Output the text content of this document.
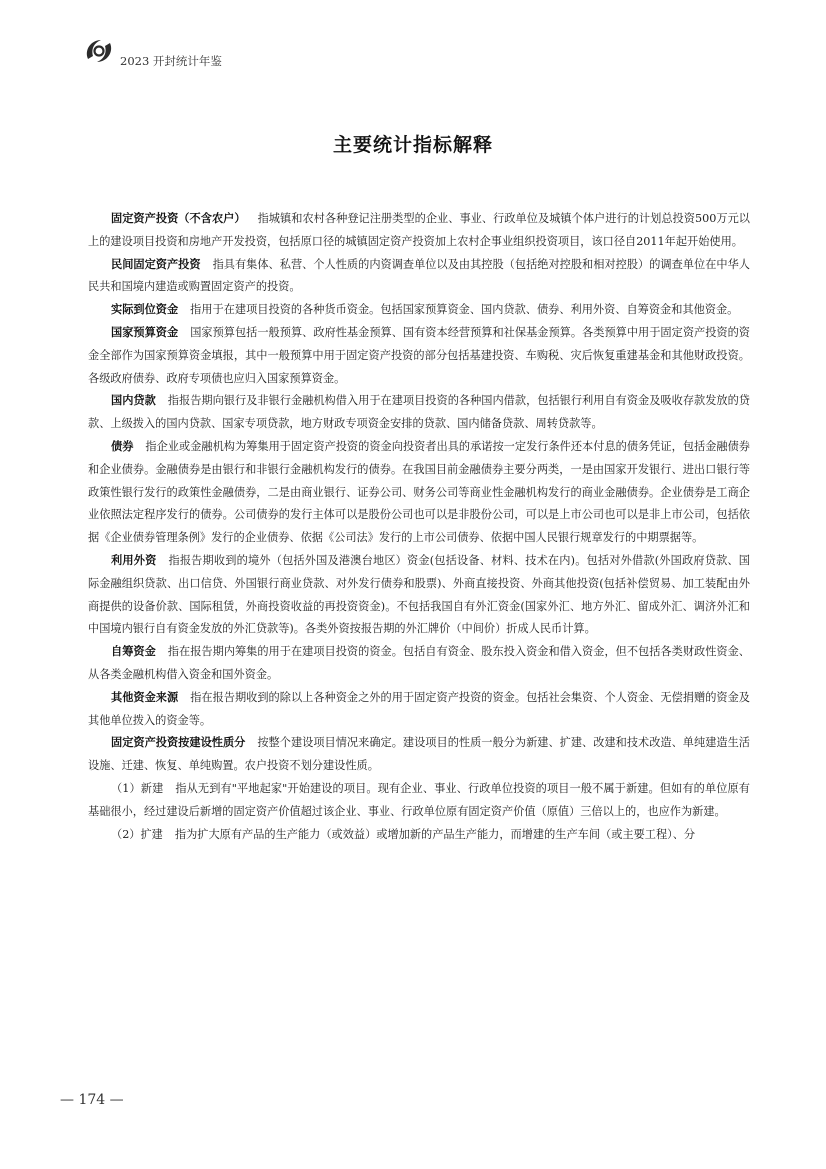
2023 开封统计年鉴
主要统计指标解释

固定资产投资（不含农户） 指城镇和农村各种登记注册类型的企业、事业、行政单位及城镇个体户进行的计划总投资500万元以上的建设项目投资和房地产开发投资，包括原口径的城镇固定资产投资加上农村企事业组织投资项目，该口径自2011年起开始使用。

民间固定资产投资 指具有集体、私营、个人性质的内资调查单位以及由其控股（包括绝对控股和相对控股）的调查单位在中华人民共和国境内建造或购置固定资产的投资。

实际到位资金 指用于在建项目投资的各种货币资金。包括国家预算资金、国内贷款、债券、利用外资、自筹资金和其他资金。

国家预算资金 国家预算包括一般预算、政府性基金预算、国有资本经营预算和社保基金预算。各类预算中用于固定资产投资的资金全部作为国家预算资金填报，其中一般预算中用于固定资产投资的部分包括基建投资、车购税、灾后恢复重建基金和其他财政投资。各级政府债券、政府专项债也应归入国家预算资金。

国内贷款 指报告期向银行及非银行金融机构借入用于在建项目投资的各种国内借款，包括银行利用自有资金及吸收存款发放的贷款、上级拨入的国内贷款、国家专项贷款，地方财政专项资金安排的贷款、国内储备贷款、周转贷款等。

债券 指企业或金融机构为筹集用于固定资产投资的资金向投资者出具的承诺按一定发行条件还本付息的债务凭证，包括金融债券和企业债券。金融债券是由银行和非银行金融机构发行的债券。在我国目前金融债券主要分两类，一是由国家开发银行、进出口银行等政策性银行发行的政策性金融债券，二是由商业银行、证券公司、财务公司等商业性金融机构发行的商业金融债券。企业债券是工商企业依照法定程序发行的债券。公司债券的发行主体可以是股份公司也可以是非股份公司，可以是上市公司也可以是非上市公司，包括依据《企业债券管理条例》发行的企业债券、依据《公司法》发行的上市公司债券、依据中国人民银行规章发行的中期票据等。

利用外资 指报告期收到的境外（包括外国及港澳台地区）资金(包括设备、材料、技术在内)。包括对外借款(外国政府贷款、国际金融组织贷款、出口信贷、外国银行商业贷款、对外发行债券和股票)、外商直接投资、外商其他投资(包括补偿贸易、加工装配由外商提供的设备价款、国际租赁，外商投资收益的再投资资金)。不包括我国自有外汇资金(国家外汇、地方外汇、留成外汇、调济外汇和中国境内银行自有资金发放的外汇贷款等)。各类外资按报告期的外汇牌价（中间价）折成人民币计算。

自筹资金 指在报告期内筹集的用于在建项目投资的资金。包括自有资金、股东投入资金和借入资金，但不包括各类财政性资金、从各类金融机构借入资金和国外资金。

其他资金来源 指在报告期收到的除以上各种资金之外的用于固定资产投资的资金。包括社会集资、个人资金、无偿捐赠的资金及其他单位拨入的资金等。

固定资产投资按建设性质分 按整个建设项目情况来确定。建设项目的性质一般分为新建、扩建、改建和技术改造、单纯建造生活设施、迁建、恢复、单纯购置。农户投资不划分建设性质。

（1）新建 指从无到有"平地起家"开始建设的项目。现有企业、事业、行政单位投资的项目一般不属于新建。但如有的单位原有基础很小，经过建设后新增的固定资产价值超过该企业、事业、行政单位原有固定资产价值（原值）三倍以上的，也应作为新建。

（2）扩建 指为扩大原有产品的生产能力（或效益）或增加新的产品生产能力，而增建的生产车间（或主要工程）、分

— 174 —
